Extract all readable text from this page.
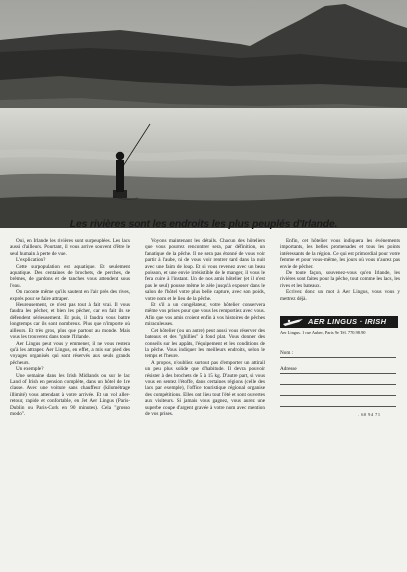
Les rivières sont les endroits les plus peuplés d'Irlande.

Oui, en Irlande les rivières sont surpeuplées. Les lacs aussi d'ailleurs. Pourtant, il vous arrive souvent d'être le seul humain à perte de vue.

L'explication?

Cette surpopulation est aquatique. Et seulement aquatique. Des centaines de brochets, de perches, de brèmes, de gardons et de tanches vous attendent sous l'eau.

On raconte même qu'ils sautent en l'air près des rives, exprès pour se faire attraper.

Heureusement, ce n'est pas tout à fait vrai. Il vous faudra les pêcher, et bien les pêcher, car en fait ils se défendent sérieusement. Et puis, il faudra vous battre longtemps car ils sont nombreux. Plus que n'importe où ailleurs. Et très gros, plus que partout au monde. Mais vous les trouverez dans toute l'Irlande.

Aer Lingus peut vous y emmener, il ne vous restera qu'à les attraper. Aer Lingus, en effet, a mis sur pied des voyages organisés qui sont réservés aux seuls grands pêcheurs.

Un exemple?

Une semaine dans les Irish Midlands ou sur le lac Land of Irish en pension complète, dans un hôtel de 1re classe. Avec une voiture sans chauffeur (kilométrage illimité) vous attendant à votre arrivée. Et un vol aller-retour, rapide et confortable, en Jet Aer Lingus (Paris-Dublin ou Paris-Cork en 90 minutes). Cela "grosso modo".

Voyons maintenant les détails. Chacun des hôteliers que vous pourrez rencontrer sera, par définition, un fanatique de la pêche. Il ne sera pas étonné de vous voir partir à l'aube, ni de vous voir rentrer tard dans la nuit avec une faim de loup. Et si vous revenez avec un beau poisson, et une envie irrésistible de le manger, il vous le fera cuire à l'instant. Un de nos amis hôtelier (et il n'est pas le seul) pousse même le zèle jusqu'à exposer dans le salon de l'hôtel votre plus belle capture, avec son poids, votre nom et le lieu de la pêche.

Et s'il a un congélateur, votre hôtelier conservera même vos prises pour que vous les remportiez avec vous. Afin que vos amis croient enfin à vos histoires de pêches miraculeuses.

Cet hôtelier (ou un autre) peut aussi vous réserver des bateaux et des "ghillies" à fond plat. Vous donner des conseils sur les appâts, l'équipement et les conditions de la pêche. Vous indiquer les meilleurs endroits, selon le temps et l'heure.

A propos, n'oubliez surtout pas d'emporter un attirail un peu plus solide que d'habitude. Il devra pouvoir résister à des brochets de 5 à 15 kg. D'autre part, si vous vous en sentez l'étoffe, dans certaines régions (celle des lacs par exemple), l'office touristique régional organise des compétitions. Elles ont lieu tout l'été et sont ouvertes aux visiteurs. Si jamais vous gagnez, vous aurez une superbe coupe d'argent gravée à votre nom avec mention de vos prises.

Enfin, cet hôtelier vous indiquera les événements importants, les belles promenades et tous les points intéressants de la région. Ce qui est primordial pour votre femme et pour vous-même, les jours où vous n'aurez pas envie de pêcher.

De toute façon, souvenez-vous qu'en Irlande, les rivières sont faites pour la pêche, tout comme les lacs, les rives et les bateaux.

Ecrivez donc un mot à Aer Lingus, vous vous y mettrez déjà.

AER LINGUS · IRISH
Aer Lingus. 1 rue Auber, Paris 9e Tél. 770.98.90
Nom :
Adresse
. 60 94 71
